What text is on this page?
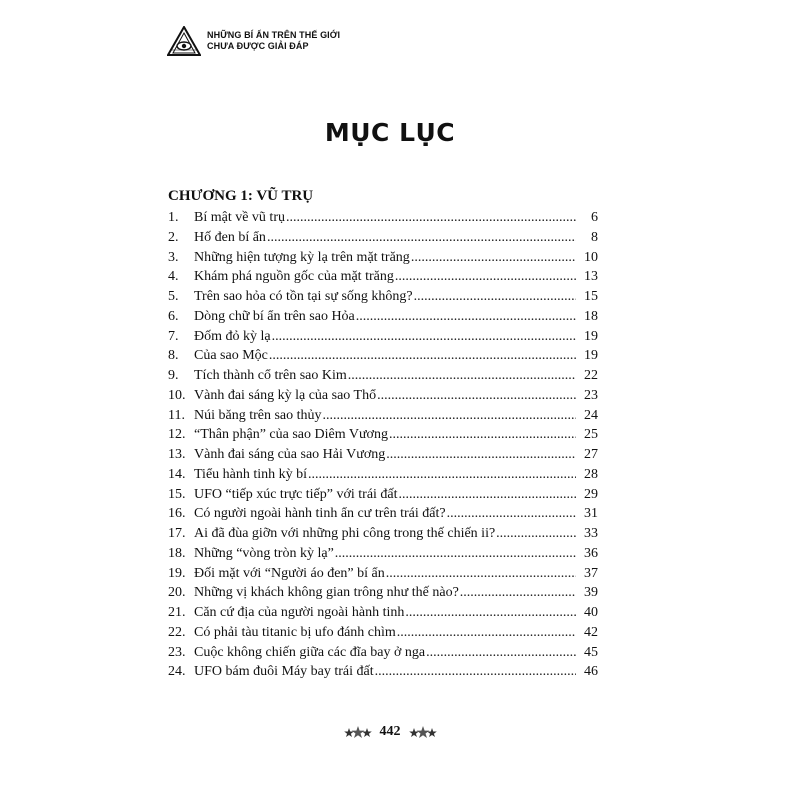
NHỮNG BÍ ẨN TRÊN THẾ GIỚI
CHƯA ĐƯỢC GIẢI ĐÁP
MỤC LỤC
CHƯƠNG 1: VŨ TRỤ
1.	Bí mật về vũ trụ .....	6
2.	Hố đen bí ẩn .....	8
3.	Những hiện tượng kỳ lạ trên mặt trăng .....	10
4.	Khám phá nguồn gốc của mặt trăng .....	13
5.	Trên sao hỏa có tồn tại sự sống không? .....	15
6.	Dòng chữ bí ẩn trên sao Hỏa .....	18
7.	Đốm đỏ kỳ lạ .....	19
8.	Của sao Mộc .....	19
9.	Tích thành cổ trên sao Kim .....	22
10. Vành đai sáng kỳ lạ của sao Thổ .....	23
11. Núi băng trên sao thủy .....	24
12. “Thân phận” của sao Diêm Vương .....	25
13. Vành đai sáng của sao Hải Vương .....	27
14. Tiểu hành tinh kỳ bí .....	28
15. UFO “tiếp xúc trực tiếp” với trái đất .....	29
16. Có người ngoài hành tinh ẩn cư trên trái đất? .....	31
17. Ai đã đùa giỡn với những phi công trong thế chiến ii? .....	33
18. Những “vòng tròn kỳ lạ” .....	36
19. Đối mặt với “Người áo đen” bí ẩn .....	37
20. Những vị khách không gian trông như thế nào? .....	39
21. Căn cứ địa của người ngoài hành tinh .....	40
22. Có phải tàu titanic bị ufo đánh chìm .....	42
23. Cuộc không chiến giữa các đĩa bay ở nga .....	45
24. UFO bám đuôi Máy bay trái đất .....	46
442
